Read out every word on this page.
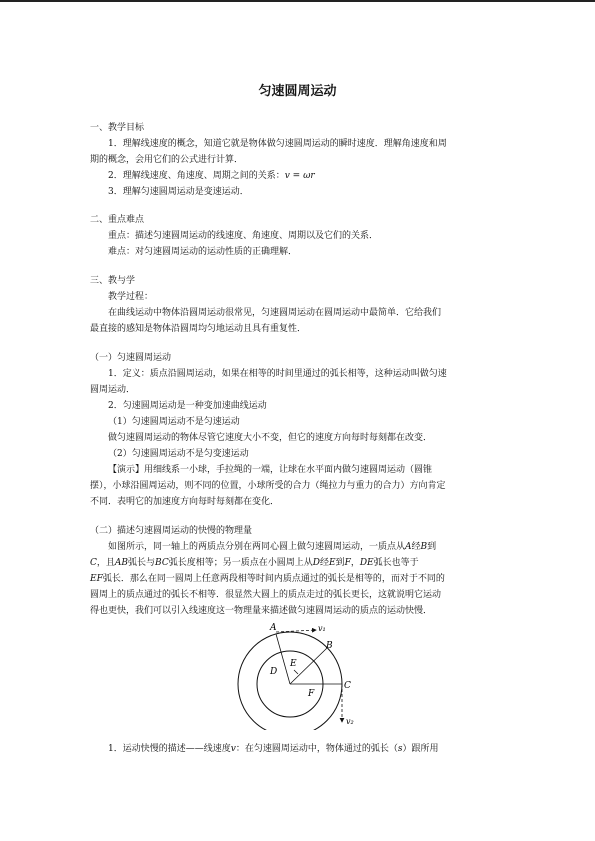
匀速圆周运动
一、教学目标
1．理解线速度的概念，知道它就是物体做匀速圆周运动的瞬时速度．理解角速度和周
期的概念，会用它们的公式进行计算．
2．理解线速度、角速度、周期之间的关系：v = ωr
3．理解匀速圆周运动是变速运动．
二、重点难点
重点：描述匀速圆周运动的线速度、角速度、周期以及它们的关系．
难点：对匀速圆周运动的运动性质的正确理解．
三、教与学
教学过程：
在曲线运动中物体沿圆周运动很常见，匀速圆周运动在圆周运动中最简单．它给我们
最直接的感知是物体沿圆周均匀地运动且具有重复性．
（一）匀速圆周运动
1．定义：质点沿圆周运动，如果在相等的时间里通过的弧长相等，这种运动叫做匀速
圆周运动．
2．匀速圆周运动是一种变加速曲线运动
（1）匀速圆周运动不是匀速运动
做匀速圆周运动的物体尽管它速度大小不变，但它的速度方向每时每刻都在改变．
（2）匀速圆周运动不是匀变速运动
【演示】用细线系一小球，手拉绳的一端，让球在水平面内做匀速圆周运动（圆锥
摆），小球沿圆周运动，则不同的位置，小球所受的合力（绳拉力与重力的合力）方向肯定
不同．表明它的加速度方向每时每刻都在变化．
（二）描述匀速圆周运动的快慢的物理量
如图所示，同一轴上的两质点分别在两同心圆上做匀速圆周运动，一质点从A经B到
C，且AB弧长与BC弧长度相等；另一质点在小圆周上从D经E到F，DE弧长也等于
EF弧长．那么在同一圆周上任意两段相等时间内质点通过的弧长是相等的，而对于不同的
圆周上的质点通过的弧长不相等．很显然大圆上的质点走过的弧长更长，这就说明它运动
得也更快，我们可以引入线速度这一物理量来描述做匀速圆周运动的质点的运动快慢．
A
B
C
D
E
F
v₁
v₂
1．运动快慢的描述——线速度v：在匀速圆周运动中，物体通过的弧长（s）跟所用
